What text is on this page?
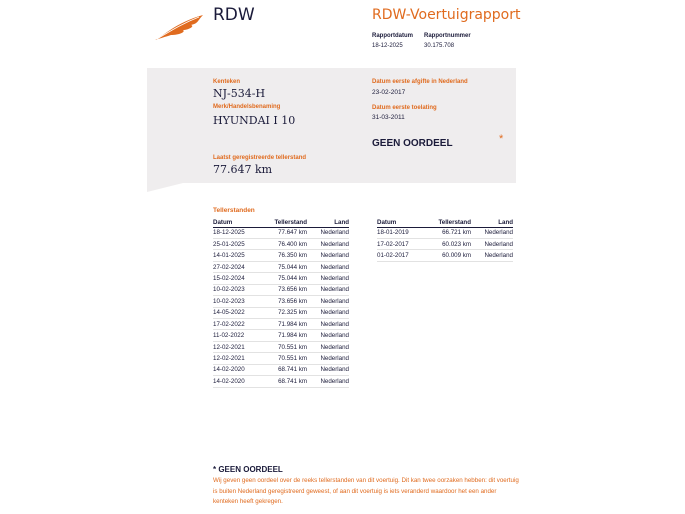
RDW	RDW-Voertuigrapport
Rapportdatum
18-12-2025
Rapportnummer
30.175.708
Kenteken
NJ-534-H
Merk/Handelsbenaming
HYUNDAI I 10
Datum eerste afgifte in Nederland
23-02-2017
Datum eerste toelating
31-03-2011
GEEN OORDEEL	*
Laatst geregistreerde tellerstand
77.647 km
Tellerstanden
Datum	Tellerstand	Land
18-12-2025	77.647 km	Nederland
25-01-2025	76.400 km	Nederland
14-01-2025	76.350 km	Nederland
27-02-2024	75.044 km	Nederland
15-02-2024	75.044 km	Nederland
10-02-2023	73.656 km	Nederland
10-02-2023	73.656 km	Nederland
14-05-2022	72.325 km	Nederland
17-02-2022	71.984 km	Nederland
11-02-2022	71.984 km	Nederland
12-02-2021	70.551 km	Nederland
12-02-2021	70.551 km	Nederland
14-02-2020	68.741 km	Nederland
14-02-2020	68.741 km	Nederland
Datum	Tellerstand	Land
18-01-2019	66.721 km	Nederland
17-02-2017	60.023 km	Nederland
01-02-2017	60.009 km	Nederland
* GEEN OORDEEL
Wij geven geen oordeel over de reeks tellerstanden van dit voertuig. Dit kan twee oorzaken hebben: dit voertuig is buiten Nederland geregistreerd geweest, of aan dit voertuig is iets veranderd waardoor het een ander kenteken heeft gekregen.
